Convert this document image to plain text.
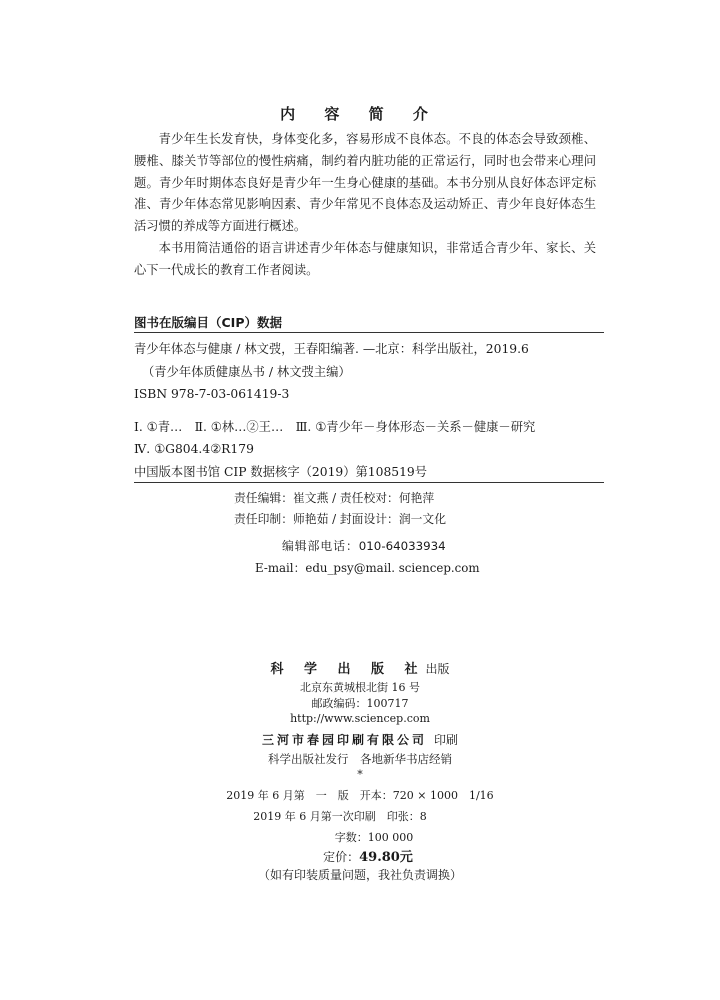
内 容 简 介

青少年生长发育快，身体变化多，容易形成不良体态。不良的体态会导致颈椎、腰椎、膝关节等部位的慢性病痛，制约着内脏功能的正常运行，同时也会带来心理问题。青少年时期体态良好是青少年一生身心健康的基础。本书分别从良好体态评定标准、青少年体态常见影响因素、青少年常见不良体态及运动矫正、青少年良好体态生活习惯的养成等方面进行概述。

本书用简洁通俗的语言讲述青少年体态与健康知识，非常适合青少年、家长、关心下一代成长的教育工作者阅读。

图书在版编目（CIP）数据
青少年体态与健康 / 林文弢，王春阳编著. —北京：科学出版社，2019.6
（青少年体质健康丛书 / 林文弢主编）
ISBN 978-7-03-061419-3
Ⅰ. ①青…　Ⅱ. ①林…②王…　Ⅲ. ①青少年－身体形态－关系－健康－研究
Ⅳ. ①G804.4②R179
中国版本图书馆 CIP 数据核字（2019）第108519号
责任编辑：崔文燕 / 责任校对：何艳萍
责任印制：师艳茹 / 封面设计：润一文化
编辑部电话：010-64033934
E-mail：edu_psy@mail. sciencep.com
科 学 出 版 社出版
北京东黄城根北街 16 号
邮政编码：100717
http://www.sciencep.com
三河市春园印刷有限公司 印刷
科学出版社发行　各地新华书店经销
*
2019 年 6 月第　一　版　开本：720 × 1000　1/16
2019 年 6 月第一次印刷　印张：8
字数：100 000
定价：49.80元
（如有印装质量问题，我社负责调换）
